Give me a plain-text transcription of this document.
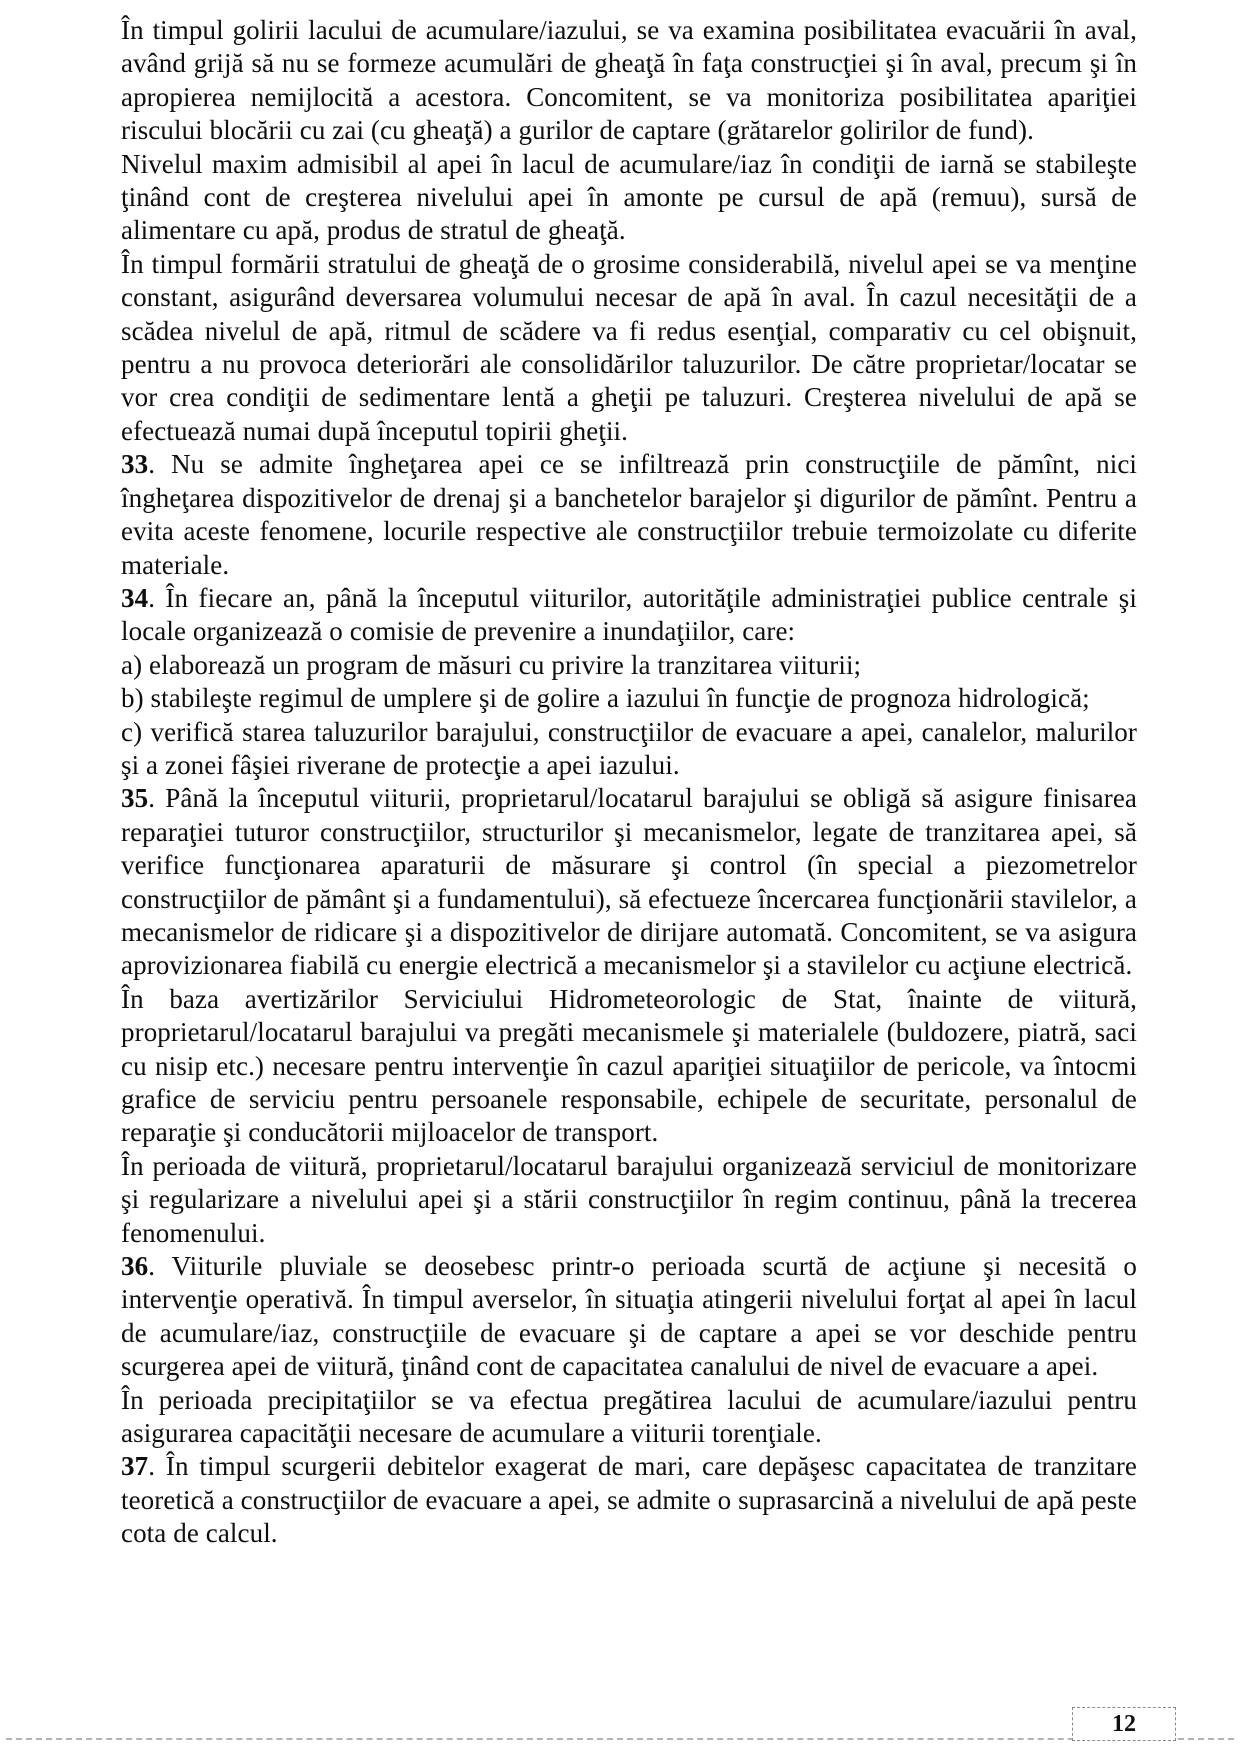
În timpul golirii lacului de acumulare/iazului, se va examina posibilitatea evacuării în aval, având grijă să nu se formeze acumulări de gheaţă în faţa construcţiei şi în aval, precum şi în apropierea nemijlocită a acestora. Concomitent, se va monitoriza posibilitatea apariţiei riscului blocării cu zai (cu gheaţă) a gurilor de captare (grătarelor golirilor de fund).

Nivelul maxim admisibil al apei în lacul de acumulare/iaz în condiţii de iarnă se stabileşte ţinând cont de creşterea nivelului apei în amonte pe cursul de apă (remuu), sursă de alimentare cu apă, produs de stratul de gheaţă.

În timpul formării stratului de gheaţă de o grosime considerabilă, nivelul apei se va menţine constant, asigurând deversarea volumului necesar de apă în aval. În cazul necesităţii de a scădea nivelul de apă, ritmul de scădere va fi redus esenţial, comparativ cu cel obişnuit, pentru a nu provoca deteriorări ale consolidărilor taluzurilor. De către proprietar/locatar se vor crea condiţii de sedimentare lentă a gheţii pe taluzuri. Creşterea nivelului de apă se efectuează numai după începutul topirii gheţii.

33. Nu se admite îngheţarea apei ce se infiltrează prin construcţiile de pămînt, nici îngheţarea dispozitivelor de drenaj şi a banchetelor barajelor şi digurilor de pămînt. Pentru a evita aceste fenomene, locurile respective ale construcţiilor trebuie termoizolate cu diferite materiale.

34. În fiecare an, până la începutul viiturilor, autorităţile administraţiei publice centrale şi locale organizează o comisie de prevenire a inundaţiilor, care:

a) elaborează un program de măsuri cu privire la tranzitarea viiturii;

b) stabileşte regimul de umplere şi de golire a iazului în funcţie de prognoza hidrologică;

c) verifică starea taluzurilor barajului, construcţiilor de evacuare a apei, canalelor, malurilor şi a zonei fâşiei riverane de protecţie a apei iazului.

35. Până la începutul viiturii, proprietarul/locatarul barajului se obligă să asigure finisarea reparaţiei tuturor construcţiilor, structurilor şi mecanismelor, legate de tranzitarea apei, să verifice funcţionarea aparaturii de măsurare şi control (în special a piezometrelor construcţiilor de pământ şi a fundamentului), să efectueze încercarea funcţionării stavilelor, a mecanismelor de ridicare şi a dispozitivelor de dirijare automată. Concomitent, se va asigura aprovizionarea fiabilă cu energie electrică a mecanismelor şi a stavilelor cu acţiune electrică.

În baza avertizărilor Serviciului Hidrometeorologic de Stat, înainte de viitură, proprietarul/locatarul barajului va pregăti mecanismele şi materialele (buldozere, piatră, saci cu nisip etc.) necesare pentru intervenţie în cazul apariţiei situaţiilor de pericole, va întocmi grafice de serviciu pentru persoanele responsabile, echipele de securitate, personalul de reparaţie şi conducătorii mijloacelor de transport.

În perioada de viitură, proprietarul/locatarul barajului organizează serviciul de monitorizare şi regularizare a nivelului apei şi a stării construcţiilor în regim continuu, până la trecerea fenomenului.

36. Viiturile pluviale se deosebesc printr-o perioada scurtă de acţiune şi necesită o intervenţie operativă. În timpul averselor, în situaţia atingerii nivelului forţat al apei în lacul de acumulare/iaz, construcţiile de evacuare şi de captare a apei se vor deschide pentru scurgerea apei de viitură, ţinând cont de capacitatea canalului de nivel de evacuare a apei.

În perioada precipitaţiilor se va efectua pregătirea lacului de acumulare/iazului pentru asigurarea capacităţii necesare de acumulare a viiturii torenţiale.

37. În timpul scurgerii debitelor exagerat de mari, care depăşesc capacitatea de tranzitare teoretică a construcţiilor de evacuare a apei, se admite o suprasarcină a nivelului de apă peste cota de calcul.

12
